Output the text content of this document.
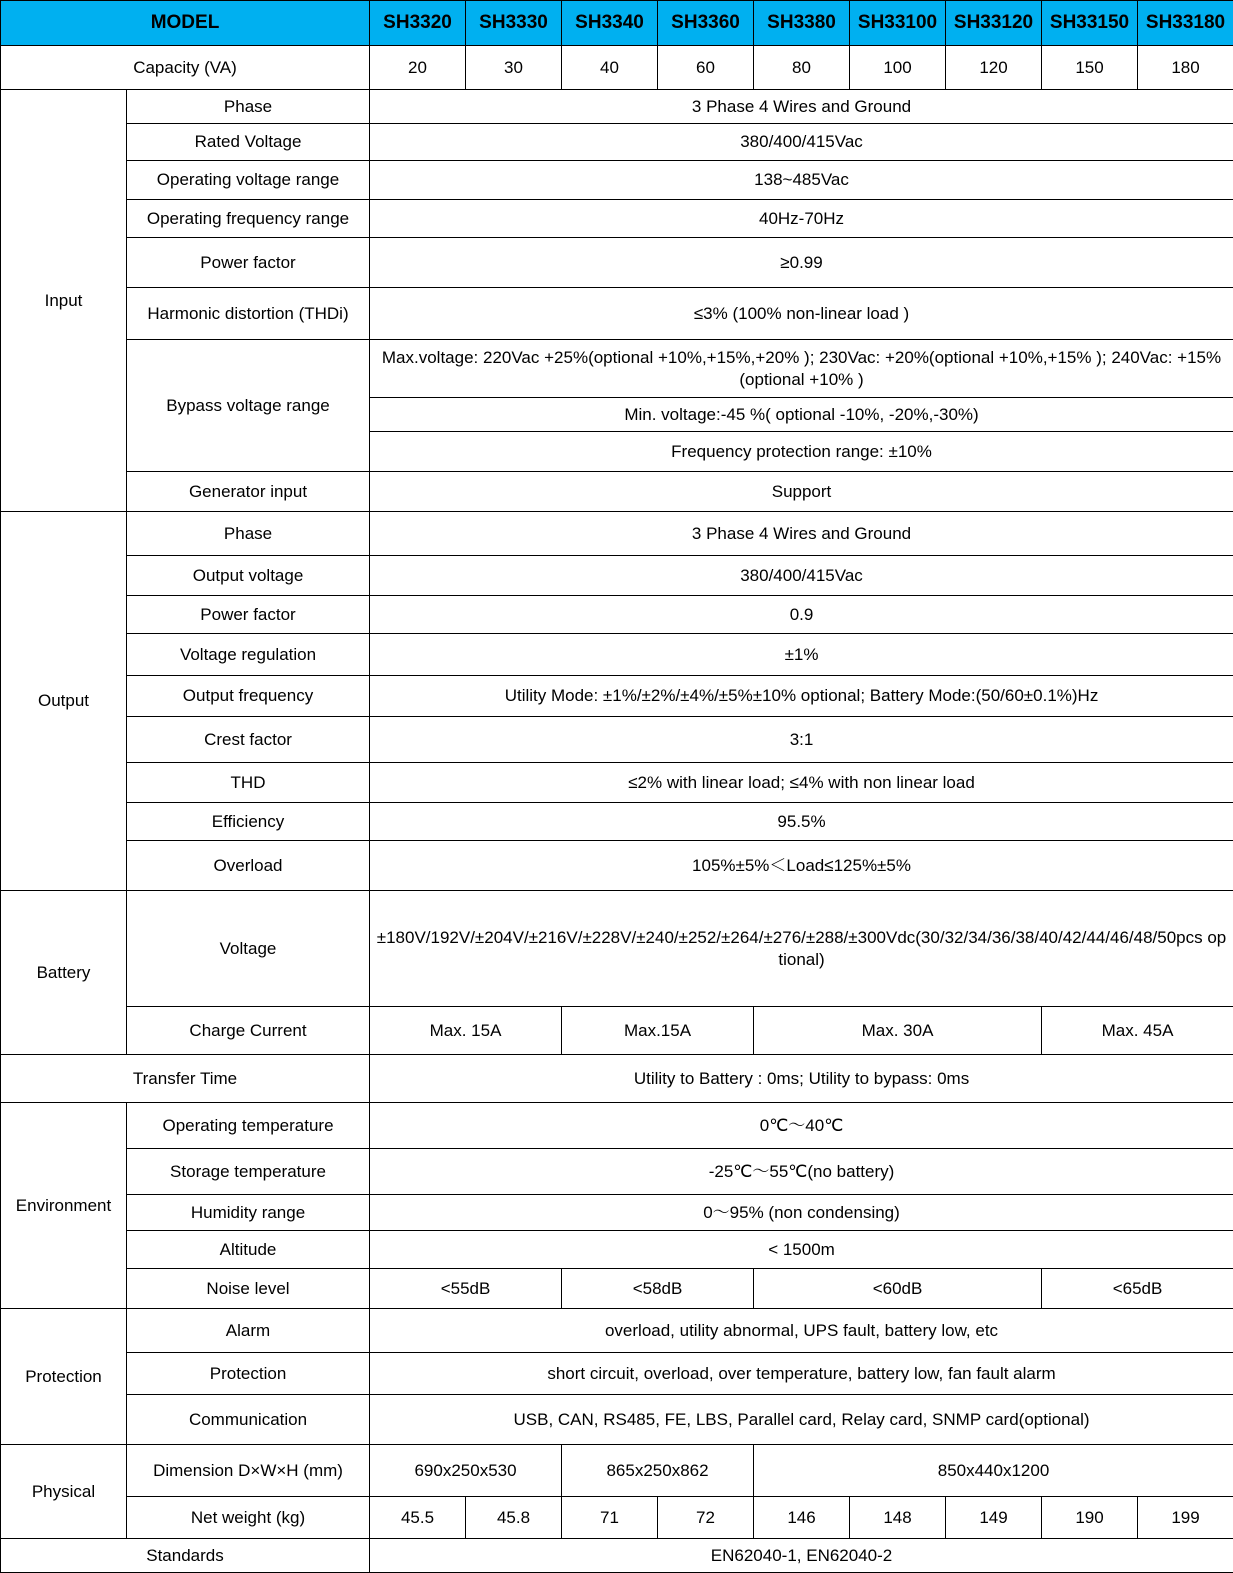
MODEL		SH3320	SH3330	SH3340	SH3360	SH3380	SH33100	SH33120	SH33150	SH33180
Capacity (VA)		20	30	40	60	80	100	120	150	180
Input	Phase	3 Phase 4 Wires and Ground								
	Rated Voltage	380/400/415Vac								
	Operating voltage range	138~485Vac								
	Operating frequency range	40Hz-70Hz								
	Power factor	≥0.99								
	Harmonic distortion (THDi)	≤3% (100% non-linear load )								
	Bypass voltage range	Max.voltage: 220Vac +25%(optional +10%,+15%,+20% ); 230Vac: +20%(optional +10%,+15% ); 240Vac: +15%(optional +10% )								
		Min. voltage:-45 %( optional -10%, -20%,-30%)								
		Frequency protection range: ±10%								
	Generator input	Support								
Output	Phase	3 Phase 4 Wires and Ground								
	Output voltage	380/400/415Vac								
	Power factor	0.9								
	Voltage regulation	±1%								
	Output frequency	Utility Mode: ±1%/±2%/±4%/±5%±10% optional; Battery Mode:(50/60±0.1%)Hz								
	Crest factor	3:1								
	THD	≤2% with linear load; ≤4% with non linear load								
	Efficiency	95.5%								
	Overload	105%±5%＜Load≤125%±5%								
Battery	Voltage	±180V/192V/±204V/±216V/±228V/±240/±252/±264/±276/±288/±300Vdc(30/32/34/36/38/40/42/44/46/48/50pcs optional)								
	Charge Current	Max. 15A		Max.15A		Max. 30A			Max. 45A	
Transfer Time		Utility to Battery : 0ms; Utility to bypass: 0ms								
Environment	Operating temperature	0℃～40℃								
	Storage temperature	-25℃～55℃(no battery)								
	Humidity range	0～95% (non condensing)								
	Altitude	< 1500m								
	Noise level	<55dB		<58dB		<60dB			<65dB	
Protection	Alarm	overload, utility abnormal, UPS fault, battery low, etc								
	Protection	short circuit, overload, over temperature, battery low, fan fault alarm								
	Communication	USB, CAN, RS485, FE, LBS, Parallel card, Relay card, SNMP card(optional)								
Physical	Dimension D×W×H (mm)	690x250x530		865x250x862		850x440x1200				
	Net weight (kg)	45.5	45.8	71	72	146	148	149	190	199
Standards		EN62040-1, EN62040-2								
